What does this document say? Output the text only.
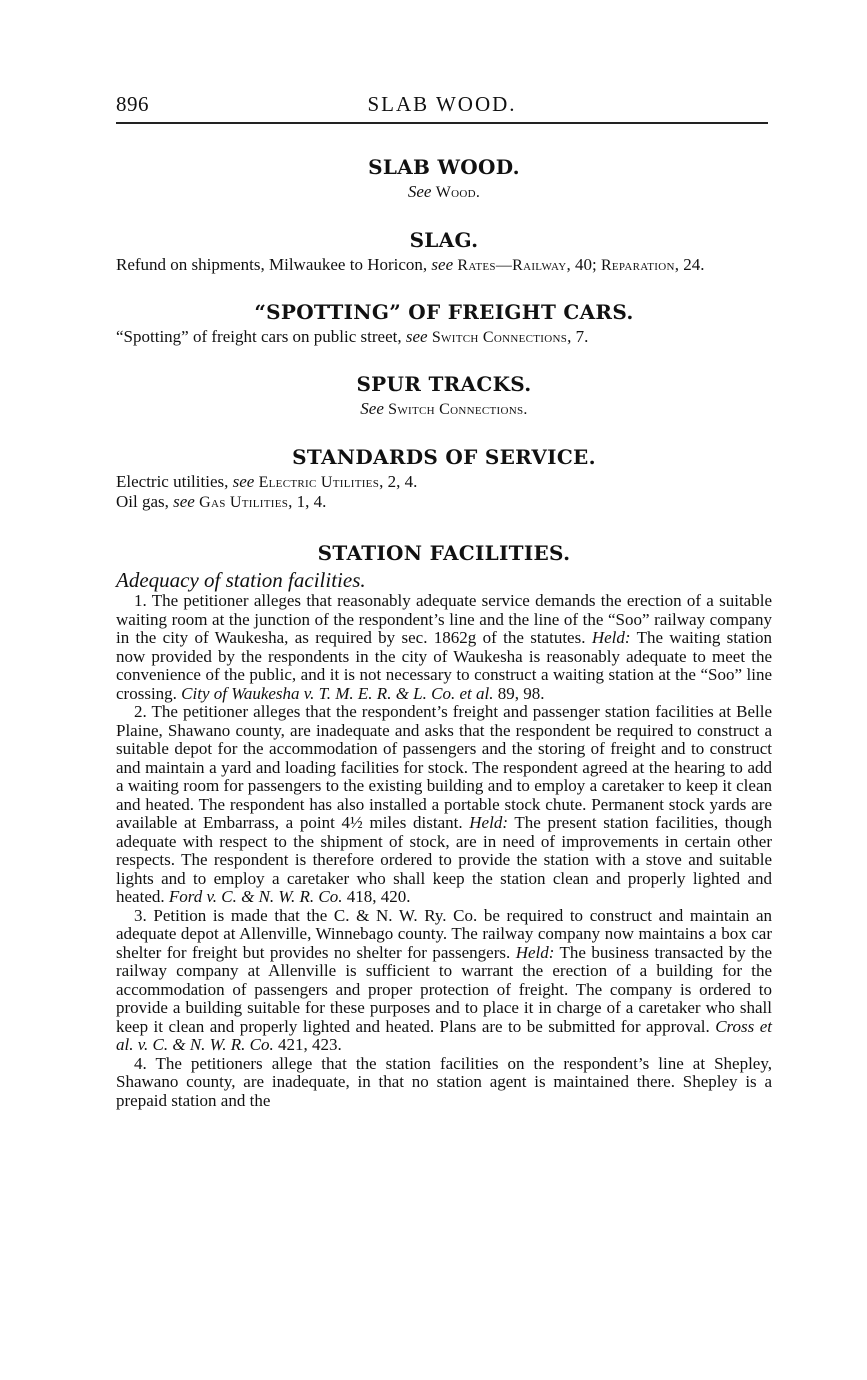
896	SLAB WOOD.

SLAB WOOD.

See Wood.

SLAG.

Refund on shipments, Milwaukee to Horicon, see Rates—Railway, 40; Reparation, 24.

“SPOTTING” OF FREIGHT CARS.

“Spotting” of freight cars on public street, see Switch Connections, 7.

SPUR TRACKS.

See Switch Connections.

STANDARDS OF SERVICE.

Electric utilities, see Electric Utilities, 2, 4.

Oil gas, see Gas Utilities, 1, 4.

STATION FACILITIES.

Adequacy of station facilities.

1. The petitioner alleges that reasonably adequate service demands the erection of a suitable waiting room at the junction of the respondent’s line and the line of the “Soo” railway company in the city of Waukesha, as required by sec. 1862g of the statutes. Held: The waiting station now provided by the respondents in the city of Waukesha is reasonably adequate to meet the convenience of the public, and it is not necessary to construct a waiting station at the “Soo” line crossing. City of Waukesha v. T. M. E. R. & L. Co. et al. 89, 98.

2. The petitioner alleges that the respondent’s freight and passenger station facilities at Belle Plaine, Shawano county, are inadequate and asks that the respondent be required to construct a suitable depot for the accommodation of passengers and the storing of freight and to construct and maintain a yard and loading facilities for stock. The respondent agreed at the hearing to add a waiting room for passengers to the existing building and to employ a caretaker to keep it clean and heated. The respondent has also installed a portable stock chute. Permanent stock yards are available at Embarrass, a point 4½ miles distant. Held: The present station facilities, though adequate with respect to the shipment of stock, are in need of improvements in certain other respects. The respondent is therefore ordered to provide the station with a stove and suitable lights and to employ a caretaker who shall keep the station clean and properly lighted and heated. Ford v. C. & N. W. R. Co. 418, 420.

3. Petition is made that the C. & N. W. Ry. Co. be required to construct and maintain an adequate depot at Allenville, Winnebago county. The railway company now maintains a box car shelter for freight but provides no shelter for passengers. Held: The business transacted by the railway company at Allenville is sufficient to warrant the erection of a building for the accommodation of passengers and proper protection of freight. The company is ordered to provide a building suitable for these purposes and to place it in charge of a caretaker who shall keep it clean and properly lighted and heated. Plans are to be submitted for approval. Cross et al. v. C. & N. W. R. Co. 421, 423.

4. The petitioners allege that the station facilities on the respondent’s line at Shepley, Shawano county, are inadequate, in that no station agent is maintained there. Shepley is a prepaid station and the
